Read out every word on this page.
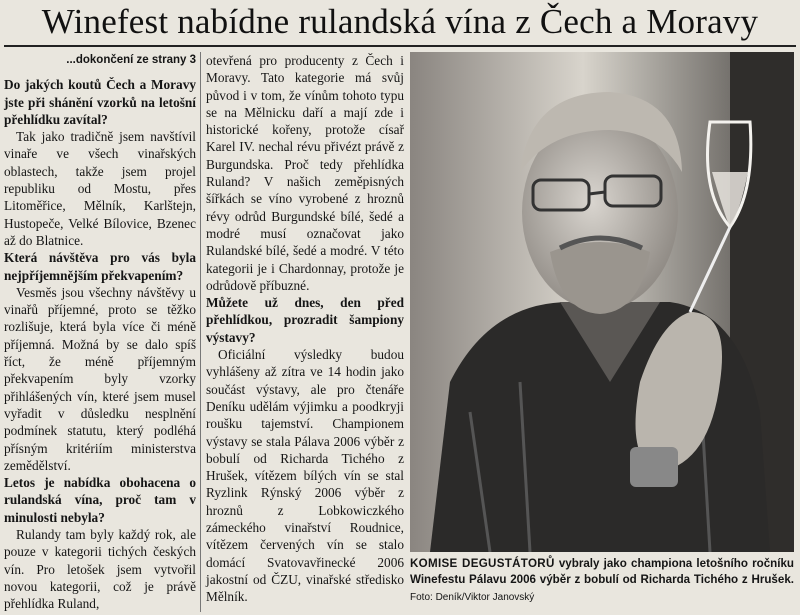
Winefest nabídne rulandská vína z Čech a Moravy
...dokončení ze strany 3

Do jakých koutů Čech a Moravy jste při shánění vzorků na letošní přehlídku zavítal?

Tak jako tradičně jsem navštívil vinaře ve všech vinařských oblastech, takže jsem projel republiku od Mostu, přes Litoměřice, Mělník, Karlštejn, Hustopeče, Velké Bílovice, Bzenec až do Blatnice.

Která návštěva pro vás byla nejpříjemnějším překvapením?

Vesměs jsou všechny návštěvy u vinařů příjemné, proto se těžko rozlišuje, která byla více či méně příjemná. Možná by se dalo spíš říct, že méně příjemným překvapením byly vzorky přihlášených vín, které jsem musel vyřadit v důsledku nesplnění podmínek statutu, který podléhá přísným kritériím ministerstva zemědělství.

Letos je nabídka obohacena o rulandská vína, proč tam v minulosti nebyla?

Rulandy tam byly každý rok, ale pouze v kategorii tichých českých vín. Pro letošek jsem vytvořil novou kategorii, což je právě přehlídka Ruland,

otevřená pro producenty z Čech i Moravy. Tato kategorie má svůj původ i v tom, že vínům tohoto typu se na Mělnicku daří a mají zde i historické kořeny, protože císař Karel IV. nechal révu přivézt právě z Burgundska. Proč tedy přehlídka Ruland? V našich zeměpisných šířkách se víno vyrobené z hroznů révy odrůd Burgundské bílé, šedé a modré musí označovat jako Rulandské bílé, šedé a modré. V této kategorii je i Chardonnay, protože je odrůdově příbuzné.

Můžete už dnes, den před přehlídkou, prozradit šampiony výstavy?

Oficiální výsledky budou vyhlášeny až zítra ve 14 hodin jako součást výstavy, ale pro čtenáře Deníku udělám výjimku a poodkryji roušku tajemství. Championem výstavy se stala Pálava 2006 výběr z bobulí od Richarda Tichého z Hrušek, vítězem bílých vín se stal Ryzlink Rýnský 2006 výběr z hroznů z Lobkowiczkého zámeckého vinařství Roudnice, vítězem červených vín se stalo domácí Svatovavřinecké 2006 jakostní od ČZU, vinařské středisko Mělník.

KOMISE DEGUSTÁTORŮ vybraly jako championa letošního ročníku Winefestu Pálavu 2006 výběr z bobulí od Richarda Tichého z Hrušek. Foto: Deník/Viktor Janovský
